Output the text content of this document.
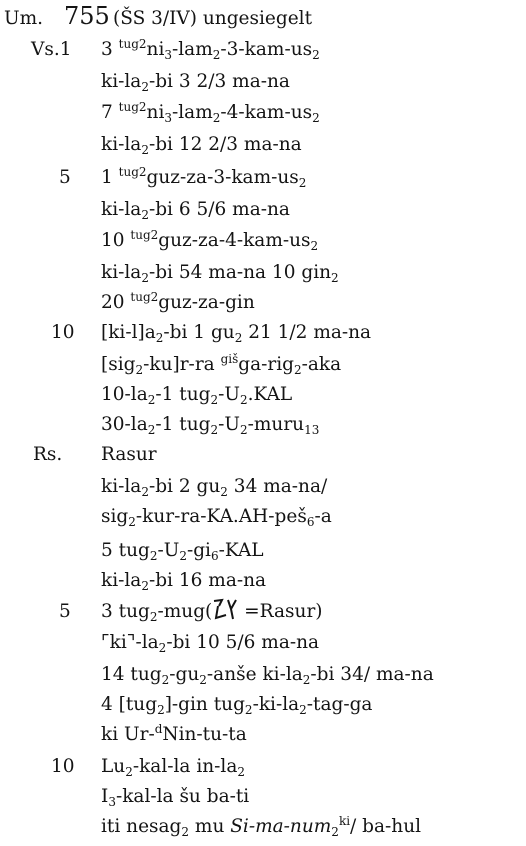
Um. 755 (ŠS 3/IV) ungesiegelt
Vs.1 3 $^{tug2}ni_3-lam_2-3-kam-us_2$
$ki-la_2-bi$ 3 2/3 ma-na
7 $^{tug2}ni_3-lam_2-4-kam-us_2$
$ki-la_2-bi$ 12 2/3 ma-na
5 1 $^{tug2}guz-za-3-kam-us_2$
$ki-la_2-bi$ 6 5/6 ma-na
10 $^{tug2}guz-za-4-kam-us_2$
$ki-la_2-bi$ 54 ma-na 10 gin$_2$
20 $^{tug2}$guz-za-gin
10 $[ki-l]a_2-bi$ 1 $gu_2$ 21 1/2 ma-na
[sig$_2$-ku]r-ra $^{giš}$ga-rig$_2$-aka
$10-la_2-1$ $tug_2-U_2.KAL$
$30-la_2-1$ $tug_2-U_2-muru_{13}$
Rs. Rasur
$ki-la_2-bi$ 2 $gu_2$ 34 ma-na/
sig$_2$-kur-ra-KA.AH-peš$_6$-a
5 $tug_2-U_2-gi_6$-KAL
$ki-la_2-bi$ 16 ma-na
5 3 tug$_2$-mug( =Rasur)
$⌜ki⌝-la_2-bi$ 10 5/6 ma-na
14 $tug_2-gu_2$-anše $ki-la_2-bi$ 34/ ma-na
4 [tug$_2$]-gin $tug_2-ki-la_2-tag-ga$
ki Ur-$^d$Nin-tu-ta
10 $Lu_2-kal-la$ $in-la_2$
$I_3-kal-la$ šu ba-ti
iti nesag$_2$ mu Si-ma-num$_2^{ki}$/ ba-hul
